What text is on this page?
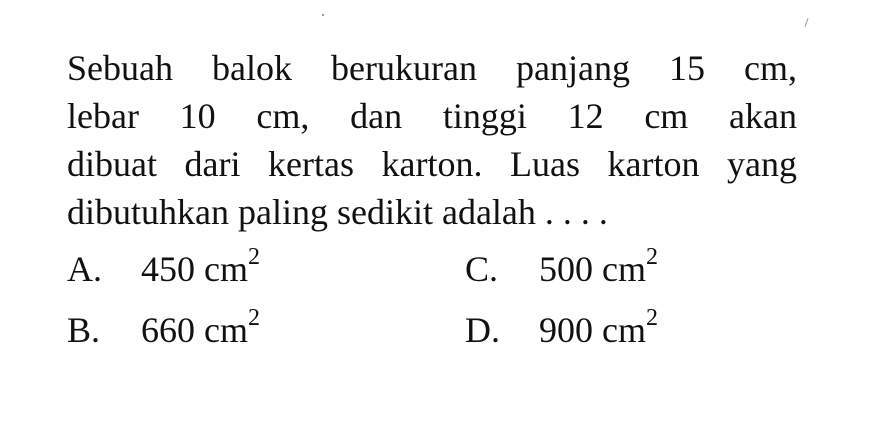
Sebuah balok berukuran panjang 15 cm,
lebar 10 cm, dan tinggi 12 cm akan
dibuat dari kertas karton. Luas karton yang
dibutuhkan paling sedikit adalah . . . .
A. 450 $cm^2$	C. 500 $cm^2$
B. 660 $cm^2$	D. 900 $cm^2$
